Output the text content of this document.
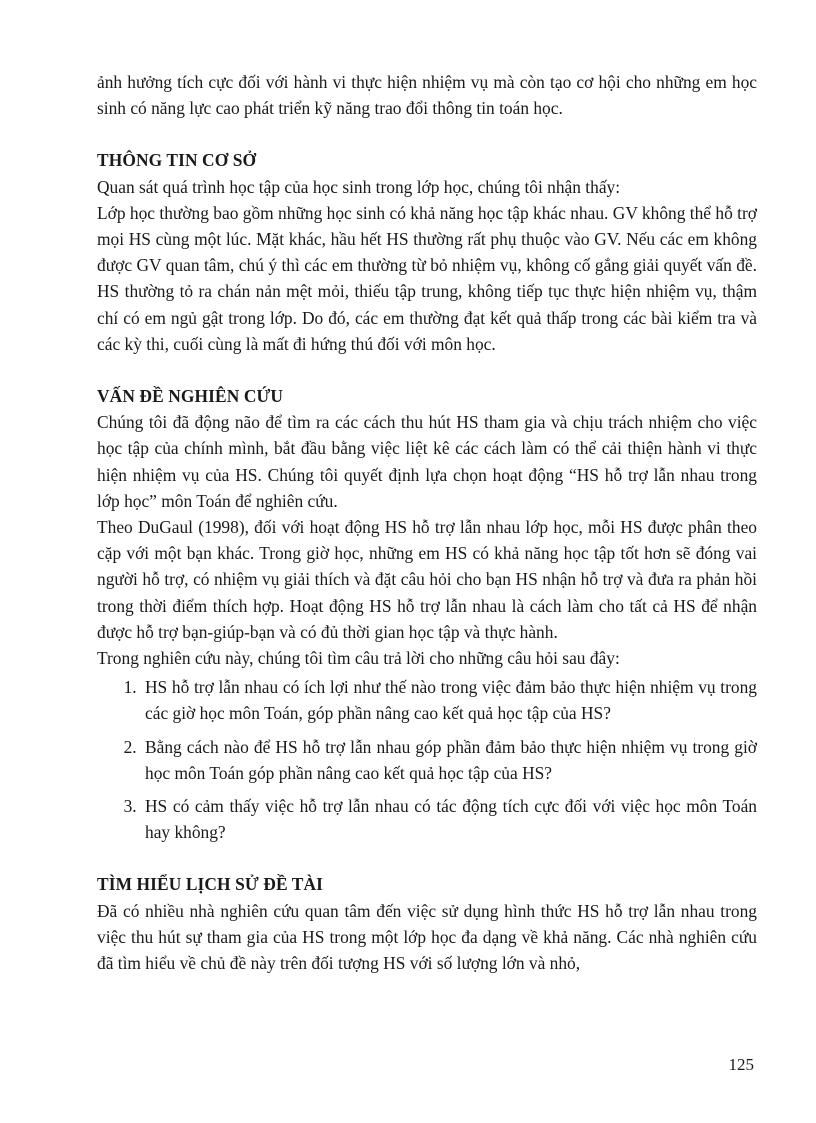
ảnh hưởng tích cực đối với hành vi thực hiện nhiệm vụ mà còn tạo cơ hội cho những em học sinh có năng lực cao phát triển kỹ năng trao đổi thông tin toán học.

THÔNG TIN CƠ SỞ

Quan sát quá trình học tập của học sinh trong lớp học, chúng tôi nhận thấy:

Lớp học thường bao gồm những học sinh có khả năng học tập khác nhau. GV không thể hỗ trợ mọi HS cùng một lúc. Mặt khác, hầu hết HS thường rất phụ thuộc vào GV. Nếu các em không được GV quan tâm, chú ý thì các em thường từ bỏ nhiệm vụ, không cố gắng giải quyết vấn đề. HS thường tỏ ra chán nản mệt mỏi, thiếu tập trung, không tiếp tục thực hiện nhiệm vụ, thậm chí có em ngủ gật trong lớp. Do đó, các em thường đạt kết quả thấp trong các bài kiểm tra và các kỳ thi, cuối cùng là mất đi hứng thú đối với môn học.

VẤN ĐỀ NGHIÊN CỨU

Chúng tôi đã động não để tìm ra các cách thu hút HS tham gia và chịu trách nhiệm cho việc học tập của chính mình, bắt đầu bằng việc liệt kê các cách làm có thể cải thiện hành vi thực hiện nhiệm vụ của HS. Chúng tôi quyết định lựa chọn hoạt động “HS hỗ trợ lẫn nhau trong lớp học” môn Toán để nghiên cứu.

Theo DuGaul (1998), đối với hoạt động HS hỗ trợ lẫn nhau lớp học, mỗi HS được phân theo cặp với một bạn khác. Trong giờ học, những em HS có khả năng học tập tốt hơn sẽ đóng vai người hỗ trợ, có nhiệm vụ giải thích và đặt câu hỏi cho bạn HS nhận hỗ trợ và đưa ra phản hồi trong thời điểm thích hợp. Hoạt động HS hỗ trợ lẫn nhau là cách làm cho tất cả HS để nhận được hỗ trợ bạn-giúp-bạn và có đủ thời gian học tập và thực hành.

Trong nghiên cứu này, chúng tôi tìm câu trả lời cho những câu hỏi sau đây:

1. HS hỗ trợ lẫn nhau có ích lợi như thế nào trong việc đảm bảo thực hiện nhiệm vụ trong các giờ học môn Toán, góp phần nâng cao kết quả học tập của HS?
2. Bằng cách nào để HS hỗ trợ lẫn nhau góp phần đảm bảo thực hiện nhiệm vụ trong giờ học môn Toán góp phần nâng cao kết quả học tập của HS?
3. HS có cảm thấy việc hỗ trợ lẫn nhau có tác động tích cực đối với việc học môn Toán hay không?
TÌM HIỂU LỊCH SỬ ĐỀ TÀI

Đã có nhiều nhà nghiên cứu quan tâm đến việc sử dụng hình thức HS hỗ trợ lẫn nhau trong việc thu hút sự tham gia của HS trong một lớp học đa dạng về khả năng. Các nhà nghiên cứu đã tìm hiểu về chủ đề này trên đối tượng HS với số lượng lớn và nhỏ,

125
